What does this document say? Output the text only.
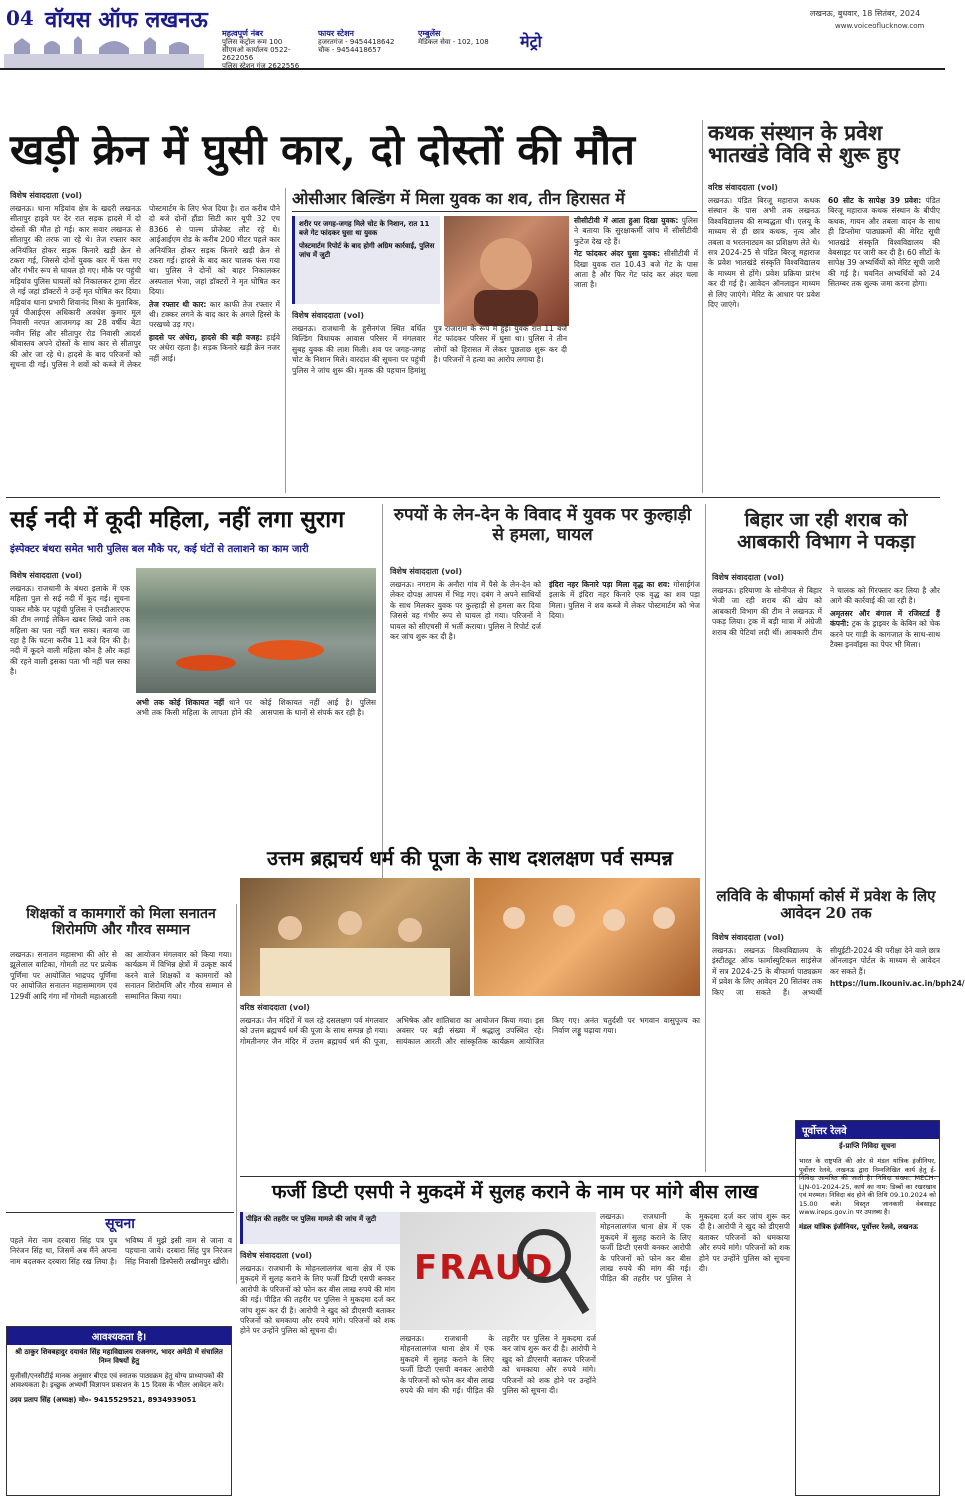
04 वॉयस ऑफ लखनऊ
महत्वपूर्ण नंबर
पुलिस कंट्रोल रूम 100
सीएमओ कार्यालय 0522-2622056
पुलिस स्टेशन गंज 2622556
फायर स्टेशन
हजरतगंज - 9454418642
चौक - 9454418657
एम्बुलेंस
मेडिकल सेवा - 102, 108	मेट्रो
लखनऊ, बुधवार, 18 सितंबर, 2024
www.voiceoflucknow.com
खड़ी क्रेन में घुसी कार, दो दोस्तों की मौत
विशेष संवाददाता (vol)

लखनऊ। थाना मड़ियांव क्षेत्र के खदरी लखनऊ सीतापुर हाइवे पर देर रात सड़क हादसे में दो दोस्तों की मौत हो गई। कार सवार लखनऊ से सीतापुर की तरफ जा रहे थे। तेज रफ्तार कार अनियंत्रित होकर सड़क किनारे खड़ी क्रेन से टकरा गई, जिससे दोनों युवक कार में फंस गए और गंभीर रूप से घायल हो गए। मौके पर पहुंची मड़ियांव पुलिस घायलों को निकालकर ट्रामा सेंटर ले गई जहां डॉक्टरों ने उन्हें मृत घोषित कर दिया। मड़ियांव थाना प्रभारी शिवानंद मिश्रा के मुताबिक, पूर्व पीआईएस अधिकारी अवधेश कुमार मूल निवासी नरपत आजमगढ़ का 28 वर्षीय बेटा नवीन सिंह और सीतापुर रोड निवासी आदर्श श्रीवास्तव अपने दोस्तों के साथ कार से सीतापुर की ओर जा रहे थे। हादसे के बाद परिजनों को सूचना दी गई। पुलिस ने शवों को कब्जे में लेकर पोस्टमार्टम के लिए भेज दिया है। रात करीब पौने दो बजे दोनों हौंडा सिटी कार यूपी 32 एच 8366 से पाल्म प्रोजेक्ट लौट रहे थे। आईआईएम रोड के करीब 200 मीटर पहले कार अनियंत्रित होकर सड़क किनारे खड़ी क्रेन से टकरा गई। हादसे के बाद कार चालक फंस गया था। पुलिस ने दोनों को बाहर निकालकर अस्पताल भेजा, जहां डॉक्टरों ने मृत घोषित कर दिया।

तेज रफ्तार थी कार: कार काफी तेज रफ्तार में थी। टक्कर लगने के बाद कार के अगले हिस्से के परखच्चे उड़ गए।

हादसे पर अंधेरा, हादसे की बड़ी वजह: हाईवे पर अंधेरा रहता है। सड़क किनारे खड़ी क्रेन नजर नहीं आई।

कथक संस्थान के प्रवेश भातखंडे विवि से शुरू हुए
वरिष्ठ संवाददाता (vol)

लखनऊ। पंडित बिरजू महाराज कथक संस्थान के पास अभी तक लखनऊ विश्वविद्यालय की सम्बद्धता थी। एलयू के माध्यम से ही छात्र कथक, नृत्य और तबला व भरतनाट्यम का प्रशिक्षण लेते थे। सत्र 2024-25 से पंडित बिरजू महाराज के प्रवेश भातखंडे संस्कृति विश्वविद्यालय के माध्यम से होंगे। प्रवेश प्रक्रिया प्रारंभ कर दी गई है। आवेदन ऑनलाइन माध्यम से लिए जाएंगे। मेरिट के आधार पर प्रवेश दिए जाएंगे।

60 सीट के सापेक्ष 39 प्रवेश: पंडित बिरजू महाराज कथक संस्थान के बीपीए कथक, गायन और तबला वादन के साथ ही डिप्लोमा पाठ्यक्रमों की मेरिट सूची भातखंडे संस्कृति विश्वविद्यालय की वेबसाइट पर जारी कर दी है। 60 सीटों के सापेक्ष 39 अभ्यर्थियों को मेरिट सूची जारी की गई है। चयनित अभ्यर्थियों को 24 सितम्बर तक शुल्क जमा करना होगा।

ओसीआर बिल्डिंग में मिला युवक का शव, तीन हिरासत में
शरीर पर जगह-जगह मिले चोट के निशान, रात 11 बजे गेट फांदकर घुसा था युवक
पोस्टमार्टम रिपोर्ट के बाद होगी अग्रिम कार्रवाई, पुलिस जांच में जुटी
विशेष संवाददाता (vol)

लखनऊ। राजधानी के हुसैनगंज स्थित वर्धित बिल्डिंग विधायक आवास परिसर में मंगलवार सुबह युवक की लाश मिली। शव पर जगह-जगह चोट के निशान मिले। वारदात की सूचना पर पहुंची पुलिस ने जांच शुरू की। मृतक की पहचान हिमांशु पुत्र राजाराम के रूप में हुई। युवक रात 11 बजे गेट फांदकर परिसर में घुसा था। पुलिस ने तीन लोगों को हिरासत में लेकर पूछताछ शुरू कर दी है। परिजनों ने हत्या का आरोप लगाया है।

सीसीटीवी में आता हुआ दिखा युवक: पुलिस ने बताया कि सुरक्षाकर्मी जांच में सीसीटीवी फुटेज देख रहे हैं।

गेट फांदकर अंदर घुसा युवक: सीसीटीवी में दिखा युवक रात 10.43 बजे गेट के पास आता है और फिर गेट फांद कर अंदर चला जाता है।

सई नदी में कूदी महिला, नहीं लगा सुराग
इंस्पेक्टर बंथरा समेत भारी पुलिस बल मौके पर, कई घंटों से तलाशने का काम जारी
विशेष संवाददाता (vol)

लखनऊ। राजधानी के बंथरा इलाके में एक महिला पुल से सई नदी में कूद गई। सूचना पाकर मौके पर पहुंची पुलिस ने एनडीआरएफ की टीम लगाई लेकिन खबर लिखे जाने तक महिला का पता नहीं चल सका। बताया जा रहा है कि घटना करीब 11 बजे दिन की है। नदी में कूदने वाली महिला कौन है और कहां की रहने वाली इसका पता भी नहीं चल सका है।

अभी तक कोई शिकायत नहीं थाने पर अभी तक किसी महिला के लापता होने की कोई शिकायत नहीं आई है। पुलिस आसपास के थानों से संपर्क कर रही है।

रुपयों के लेन-देन के विवाद में युवक पर कुल्हाड़ी से हमला, घायल
विशेष संवाददाता (vol)

लखनऊ। नगराम के अनौरा गांव में पैसे के लेन-देन को लेकर दोपक्ष आपस में भिड़ गए। दबंग ने अपने साथियों के साथ मिलकर युवक पर कुल्हाड़ी से हमला कर दिया जिससे वह गंभीर रूप से घायल हो गया। परिजनों ने घायल को सीएचसी में भर्ती कराया। पुलिस ने रिपोर्ट दर्ज कर जांच शुरू कर दी है।

इंदिरा नहर किनारे पड़ा मिला वृद्ध का शव: गोसाईगंज इलाके में इंदिरा नहर किनारे एक वृद्ध का शव पड़ा मिला। पुलिस ने शव कब्जे में लेकर पोस्टमार्टम को भेज दिया।

बिहार जा रही शराब को आबकारी विभाग ने पकड़ा
विशेष संवाददाता (vol)

लखनऊ। हरियाणा के सोनीपत से बिहार भेजी जा रही शराब की खेप को आबकारी विभाग की टीम ने लखनऊ में पकड़ लिया। ट्रक में बड़ी मात्रा में अंग्रेजी शराब की पेटियां लदी थीं। आबकारी टीम ने चालक को गिरफ्तार कर लिया है और आगे की कार्रवाई की जा रही है।

अमृतसर और बंगाल में रजिस्टर्ड हैं कंपनी: ट्रक के ड्राइवर के केबिन को चेक करने पर गाड़ी के कागजात के साथ-साथ टैक्स इनवॉइस का पेपर भी मिला।

उत्तम ब्रह्मचर्य धर्म की पूजा के साथ दशलक्षण पर्व सम्पन्न
शिक्षकों व कामगारों को मिला सनातन शिरोमणि और गौरव सम्मान

लखनऊ। सनातन महासभा की ओर से झूलेलाल वाटिका, गोमती तट पर प्रत्येक पूर्णिमा पर आयोजित भाद्रपद पूर्णिमा पर आयोजित सनातन महासम्मागम एवं 129वीं आदि गंगा माँ गोमती महाआरती का आयोजन मंगलवार को किया गया। कार्यक्रम में विभिन्न क्षेत्रों में उत्कृष्ट कार्य करने वाले शिक्षकों व कामगारों को सनातन शिरोमणि और गौरव सम्मान से सम्मानित किया गया।

वरिष्ठ संवाददाता (vol)

लखनऊ। जैन मंदिरों में चल रहे दसलक्षण पर्व मंगलवार को उत्तम ब्रह्मचर्य धर्म की पूजा के साथ सम्पन्न हो गया। गोमतीनगर जैन मंदिर में उत्तम ब्रह्मचर्य धर्म की पूजा, अभिषेक और शांतिधारा का आयोजन किया गया। इस अवसर पर बड़ी संख्या में श्रद्धालु उपस्थित रहे। सायंकाल आरती और सांस्कृतिक कार्यक्रम आयोजित किए गए। अनंत चतुर्दशी पर भगवान वासुपूज्य का निर्वाण लड्डू चढ़ाया गया।

लविवि के बीफार्मा कोर्स में प्रवेश के लिए आवेदन 20 तक
विशेष संवाददाता (vol)

लखनऊ। लखनऊ विश्वविद्यालय के इंस्टीट्यूट ऑफ फार्मास्युटिकल साइंसेज में सत्र 2024-25 के बीफार्मा पाठ्यक्रम में प्रवेश के लिए आवेदन 20 सितंबर तक किए जा सकते हैं। अभ्यर्थी सीयूईटी-2024 की परीक्षा देने वाले छात्र ऑनलाइन पोर्टल के माध्यम से आवेदन कर सकते हैं।

https://lum.lkouniv.ac.in/bph24/

फर्जी डिप्टी एसपी ने मुकदमें में सुलह कराने के नाम पर मांगे बीस लाख
पीड़ित की तहरीर पर पुलिस मामले की जांच में जुटी
विशेष संवाददाता (vol)

लखनऊ। राजधानी के मोहनलालगंज थाना क्षेत्र में एक मुकदमे में सुलह कराने के लिए फर्जी डिप्टी एसपी बनकर आरोपी के परिजनों को फोन कर बीस लाख रुपये की मांग की गई। पीड़ित की तहरीर पर पुलिस ने मुकदमा दर्ज कर जांच शुरू कर दी है। आरोपी ने खुद को डीएसपी बताकर परिजनों को धमकाया और रुपये मांगे। परिजनों को शक होने पर उन्होंने पुलिस को सूचना दी।

FRAUD

लखनऊ। राजधानी के मोहनलालगंज थाना क्षेत्र में एक मुकदमे में सुलह कराने के लिए फर्जी डिप्टी एसपी बनकर आरोपी के परिजनों को फोन कर बीस लाख रुपये की मांग की गई। पीड़ित की तहरीर पर पुलिस ने मुकदमा दर्ज कर जांच शुरू कर दी है। आरोपी ने खुद को डीएसपी बताकर परिजनों को धमकाया और रुपये मांगे। परिजनों को शक होने पर उन्होंने पुलिस को सूचना दी।

लखनऊ। राजधानी के मोहनलालगंज थाना क्षेत्र में एक मुकदमे में सुलह कराने के लिए फर्जी डिप्टी एसपी बनकर आरोपी के परिजनों को फोन कर बीस लाख रुपये की मांग की गई। पीड़ित की तहरीर पर पुलिस ने मुकदमा दर्ज कर जांच शुरू कर दी है। आरोपी ने खुद को डीएसपी बताकर परिजनों को धमकाया और रुपये मांगे। परिजनों को शक होने पर उन्होंने पुलिस को सूचना दी।

सूचना

पहले मेरा नाम दरबारा सिंह पत्र पुत्र निरंजन सिंह था, जिसमें अब मैंने अपना नाम बदलकर दरबारा सिंह रख लिया है। भविष्य में मुझे इसी नाम से जाना व पहचाना जाये। दरबारा सिंह पुत्र निरंजन सिंह निवासी डिस्पेसरी लखीमपुर खीरी।

आवश्यकता है।
श्री ठाकुर शिवबहादुर दयावंत सिंह महाविद्यालय राजनगर, भादर अमेठी में संचालित निम्न विषयों हेतु
यूजीसी/एनसीटीई मानक अनुसार बीएड एवं स्नातक पाठ्यक्रम हेतु योग्य प्राध्यापकों की आवश्यकता है। इच्छुक अभ्यर्थी विज्ञापन प्रकाशन के 15 दिवस के भीतर आवेदन करें।
उदय प्रताप सिंह (अध्यक्ष) मो०- 9415529521, 8934939051
पूर्वोत्तर रेलवे
ई-प्राप्ति निविदा सूचना
भारत के राष्ट्रपति की ओर से मंडल यांत्रिक इंजीनियर, पूर्वोत्तर रेलवे, लखनऊ द्वारा निम्नलिखित कार्य हेतु ई-निविदा आमंत्रित की जाती है। निविदा संख्या: MECH-LJN-01-2024-25, कार्य का नाम: डिब्बों का रखरखाव एवं मरम्मत। निविदा बंद होने की तिथि 09.10.2024 को 15.00 बजे। विस्तृत जानकारी वेबसाइट www.ireps.gov.in पर उपलब्ध है।
मंडल यांत्रिक इंजीनियर, पूर्वोत्तर रेलवे, लखनऊ
